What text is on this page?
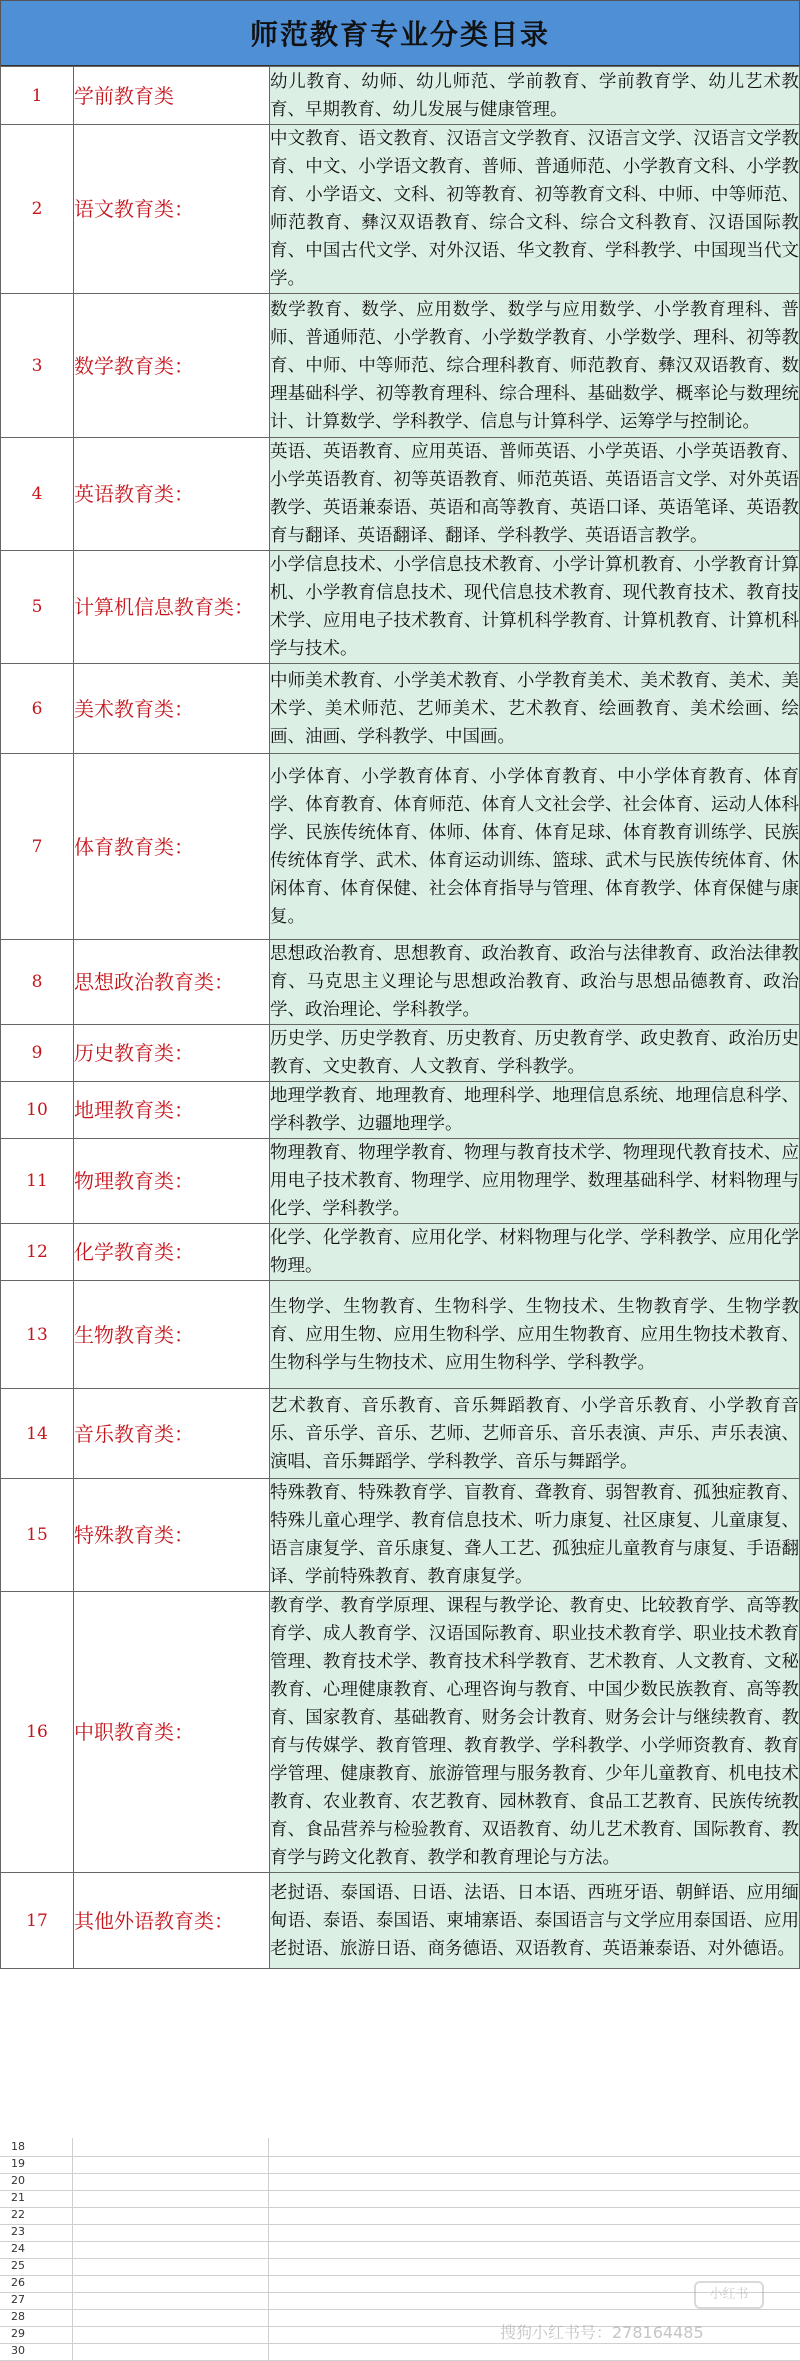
师范教育专业分类目录
1	学前教育类	幼儿教育、幼师、幼儿师范、学前教育、学前教育学、幼儿艺术教育、早期教育、幼儿发展与健康管理。
2	语文教育类：	中文教育、语文教育、汉语言文学教育、汉语言文学、汉语言文学教育、中文、小学语文教育、普师、普通师范、小学教育文科、小学教育、小学语文、文科、初等教育、初等教育文科、中师、中等师范、师范教育、彝汉双语教育、综合文科、综合文科教育、汉语国际教育、中国古代文学、对外汉语、华文教育、学科教学、中国现当代文学。
3	数学教育类：	数学教育、数学、应用数学、数学与应用数学、小学教育理科、普师、普通师范、小学教育、小学数学教育、小学数学、理科、初等教育、中师、中等师范、综合理科教育、师范教育、彝汉双语教育、数理基础科学、初等教育理科、综合理科、基础数学、概率论与数理统计、计算数学、学科教学、信息与计算科学、运筹学与控制论。
4	英语教育类：	英语、英语教育、应用英语、普师英语、小学英语、小学英语教育、小学英语教育、初等英语教育、师范英语、英语语言文学、对外英语教学、英语兼泰语、英语和高等教育、英语口译、英语笔译、英语教育与翻译、英语翻译、翻译、学科教学、英语语言教学。
5	计算机信息教育类：	小学信息技术、小学信息技术教育、小学计算机教育、小学教育计算机、小学教育信息技术、现代信息技术教育、现代教育技术、教育技术学、应用电子技术教育、计算机科学教育、计算机教育、计算机科学与技术。
6	美术教育类：	中师美术教育、小学美术教育、小学教育美术、美术教育、美术、美术学、美术师范、艺师美术、艺术教育、绘画教育、美术绘画、绘画、油画、学科教学、中国画。
7	体育教育类：	小学体育、小学教育体育、小学体育教育、中小学体育教育、体育学、体育教育、体育师范、体育人文社会学、社会体育、运动人体科学、民族传统体育、体师、体育、体育足球、体育教育训练学、民族传统体育学、武术、体育运动训练、篮球、武术与民族传统体育、休闲体育、体育保健、社会体育指导与管理、体育教学、体育保健与康复。
8	思想政治教育类：	思想政治教育、思想教育、政治教育、政治与法律教育、政治法律教育、马克思主义理论与思想政治教育、政治与思想品德教育、政治学、政治理论、学科教学。
9	历史教育类：	历史学、历史学教育、历史教育、历史教育学、政史教育、政治历史教育、文史教育、人文教育、学科教学。
10	地理教育类：	地理学教育、地理教育、地理科学、地理信息系统、地理信息科学、学科教学、边疆地理学。
11	物理教育类：	物理教育、物理学教育、物理与教育技术学、物理现代教育技术、应用电子技术教育、物理学、应用物理学、数理基础科学、材料物理与化学、学科教学。
12	化学教育类：	化学、化学教育、应用化学、材料物理与化学、学科教学、应用化学物理。
13	生物教育类：	生物学、生物教育、生物科学、生物技术、生物教育学、生物学教育、应用生物、应用生物科学、应用生物教育、应用生物技术教育、生物科学与生物技术、应用生物科学、学科教学。
14	音乐教育类：	艺术教育、音乐教育、音乐舞蹈教育、小学音乐教育、小学教育音乐、音乐学、音乐、艺师、艺师音乐、音乐表演、声乐、声乐表演、演唱、音乐舞蹈学、学科教学、音乐与舞蹈学。
15	特殊教育类：	特殊教育、特殊教育学、盲教育、聋教育、弱智教育、孤独症教育、特殊儿童心理学、教育信息技术、听力康复、社区康复、儿童康复、语言康复学、音乐康复、聋人工艺、孤独症儿童教育与康复、手语翻译、学前特殊教育、教育康复学。
16	中职教育类：	教育学、教育学原理、课程与教学论、教育史、比较教育学、高等教育学、成人教育学、汉语国际教育、职业技术教育学、职业技术教育管理、教育技术学、教育技术科学教育、艺术教育、人文教育、文秘教育、心理健康教育、心理咨询与教育、中国少数民族教育、高等教育、国家教育、基础教育、财务会计教育、财务会计与继续教育、教育与传媒学、教育管理、教育教学、学科教学、小学师资教育、教育学管理、健康教育、旅游管理与服务教育、少年儿童教育、机电技术教育、农业教育、农艺教育、园林教育、食品工艺教育、民族传统教育、食品营养与检验教育、双语教育、幼儿艺术教育、国际教育、教育学与跨文化教育、教学和教育理论与方法。
17	其他外语教育类：	老挝语、泰国语、日语、法语、日本语、西班牙语、朝鲜语、应用缅甸语、泰语、泰国语、柬埔寨语、泰国语言与文学应用泰国语、应用老挝语、旅游日语、商务德语、双语教育、英语兼泰语、对外德语。
18
19
20
21
22
23
24
25
26
27
28
29
30
小红书
搜狗小红书号：278164485
